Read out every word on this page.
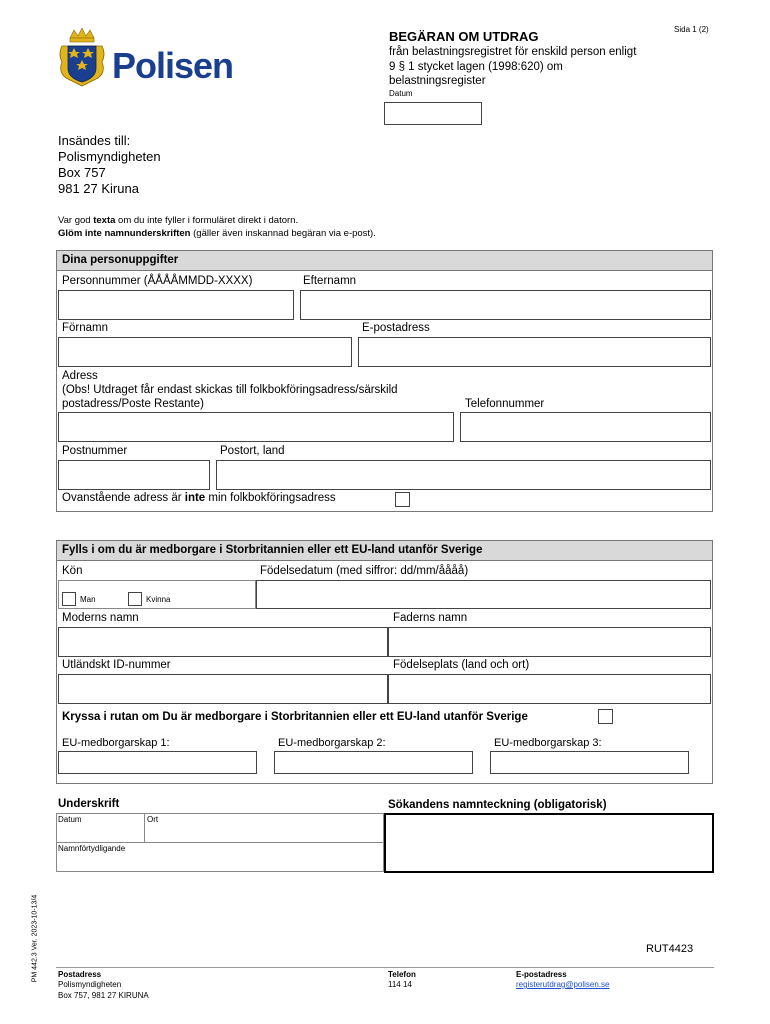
Polisen
Sida 1 (2)
BEGÄRAN OM UTDRAG
från belastningsregistret för enskild person enligt
9 § 1 stycket lagen (1998:620) om
belastningsregister
Datum
Insändes till:
Polismyndigheten
Box 757
981 27 Kiruna
Var god texta om du inte fyller i formuläret direkt i datorn.
Glöm inte namnunderskriften (gäller även inskannad begäran via e-post).
Dina personuppgifter
Personnummer (ÅÅÅÅMMDD-XXXX)	Efternamn
Förnamn	E-postadress
Adress
(Obs! Utdraget får endast skickas till folkbokföringsadress/särskild
postadress/Poste Restante)	Telefonnummer
Postnummer	Postort, land
Ovanstående adress är inte min folkbokföringsadress
Fylls i om du är medborgare i Storbritannien eller ett EU-land utanför Sverige
Kön	Födelsedatum (med siffror: dd/mm/åååå)
Man	Kvinna
Moderns namn	Faderns namn
Utländskt ID-nummer	Födelseplats (land och ort)
Kryssa i rutan om Du är medborgare i Storbritannien eller ett EU-land utanför Sverige
EU-medborgarskap 1:	EU-medborgarskap 2:	EU-medborgarskap 3:
Underskrift	Sökandens namnteckning (obligatorisk)
Datum	Ort
Namnförtydligande
RUT4423
PM 442.3 Ver. 2023-10-13/4 Postadress
Polismyndigheten
Box 757, 981 27 KIRUNA
Telefon
114 14
E-postadress
registerutdrag@polisen.se
